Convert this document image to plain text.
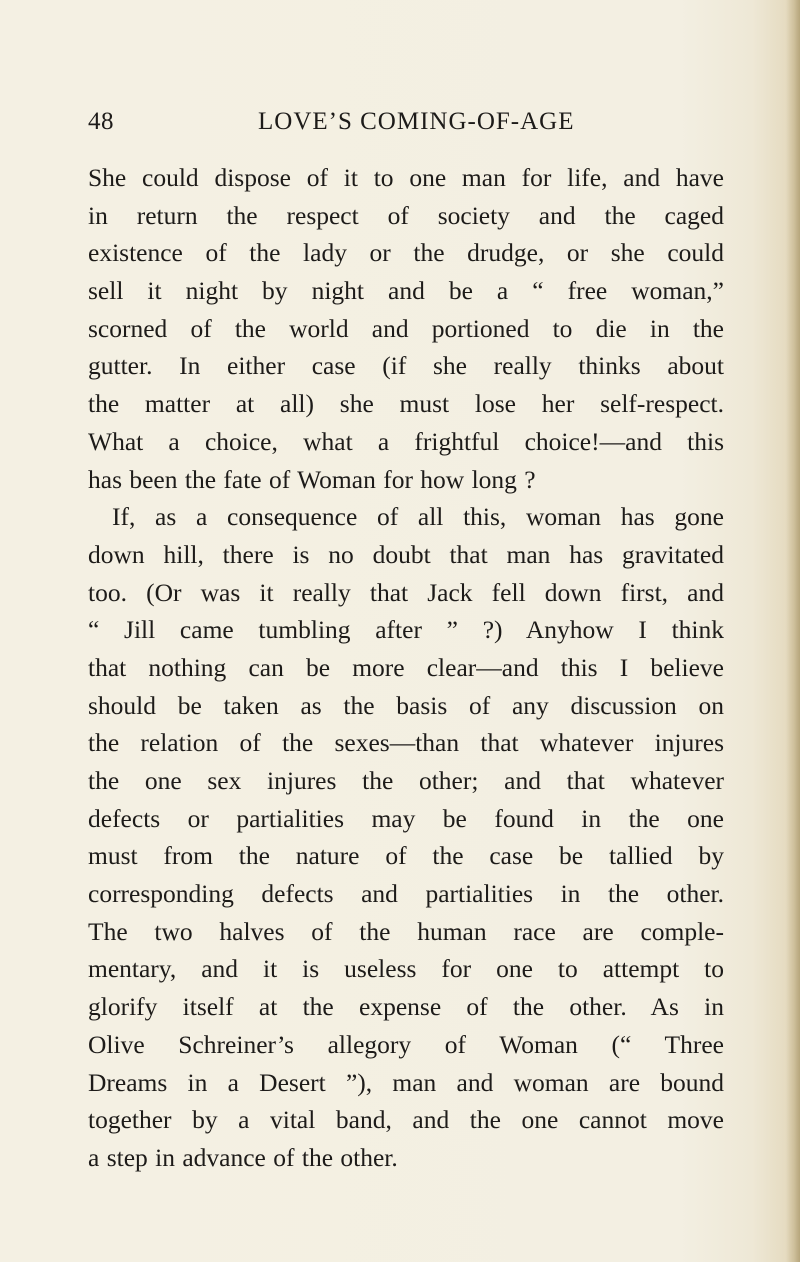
48	LOVE’S COMING-OF-AGE
She could dispose of it to one man for life, and have
in return the respect of society and the caged
existence of the lady or the drudge, or she could
sell it night by night and be a “ free woman,”
scorned of the world and portioned to die in the
gutter. In either case (if she really thinks about
the matter at all) she must lose her self-respect.
What a choice, what a frightful choice!—and this
has been the fate of Woman for how long ?
If, as a consequence of all this, woman has gone
down hill, there is no doubt that man has gravitated
too. (Or was it really that Jack fell down first, and
“ Jill came tumbling after ” ?) Anyhow I think
that nothing can be more clear—and this I believe
should be taken as the basis of any discussion on
the relation of the sexes—than that whatever injures
the one sex injures the other; and that whatever
defects or partialities may be found in the one
must from the nature of the case be tallied by
corresponding defects and partialities in the other.
The two halves of the human race are comple-
mentary, and it is useless for one to attempt to
glorify itself at the expense of the other. As in
Olive Schreiner’s allegory of Woman (“ Three
Dreams in a Desert ”), man and woman are bound
together by a vital band, and the one cannot move
a step in advance of the other.
